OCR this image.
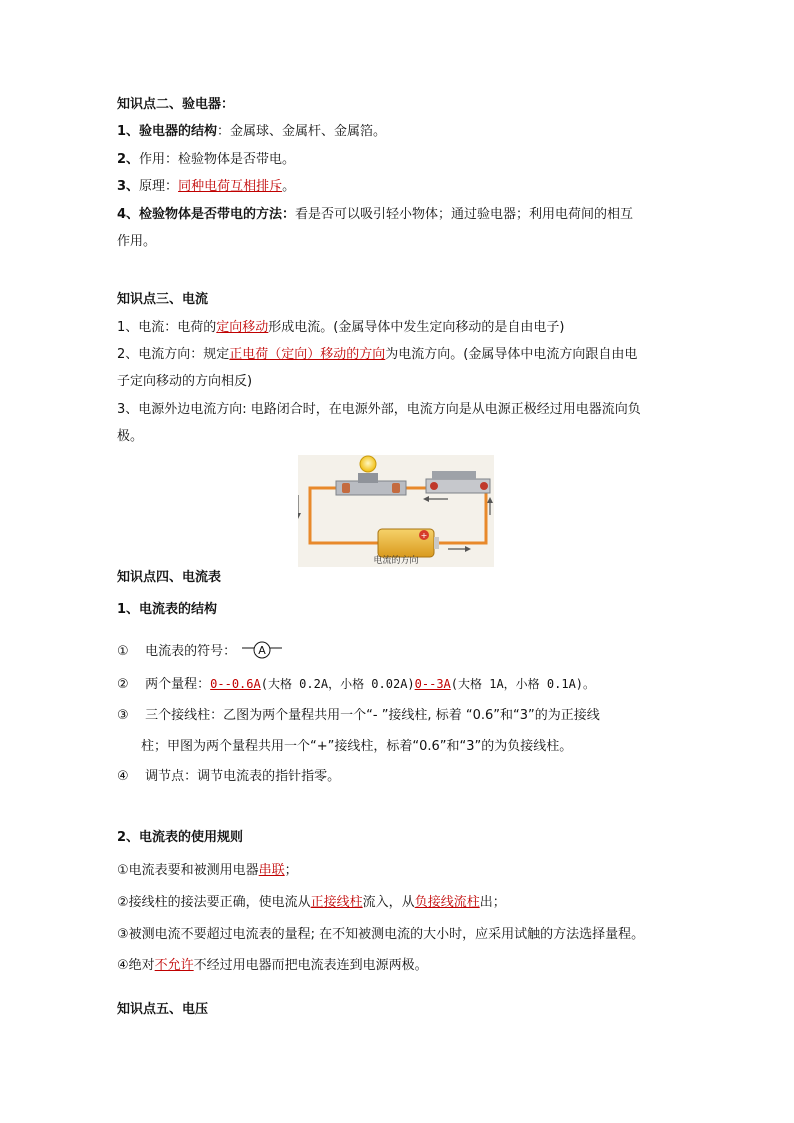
知识点二、验电器：
1、验电器的结构：金属球、金属杆、金属箔。
2、作用：检验物体是否带电。
3、原理：同种电荷互相排斥。
4、检验物体是否带电的方法：看是否可以吸引轻小物体；通过验电器；利用电荷间的相互
作用。
知识点三、电流
1、电流：电荷的定向移动形成电流。(金属导体中发生定向移动的是自由电子)
2、电流方向：规定正电荷（定向）移动的方向为电流方向。(金属导体中电流方向跟自由电
子定向移动的方向相反)
3、电源外边电流方向: 电路闭合时，在电源外部，电流方向是从电源正极经过用电器流向负
极。
+
电流的方向
知识点四、电流表
1、电流表的结构
① 电流表的符号： A
② 两个量程：0--0.6A(大格 0.2A，小格 0.02A)0--3A(大格 1A，小格 0.1A)。
③ 三个接线柱：乙图为两个量程共用一个“- ”接线柱, 标着 “0.6”和“3”的为正接线
柱；甲图为两个量程共用一个“+”接线柱，标着“0.6”和“3”的为负接线柱。
④ 调节点：调节电流表的指针指零。
2、电流表的使用规则
①电流表要和被测用电器串联；
②接线柱的接法要正确，使电流从正接线柱流入，从负接线流柱出；
③被测电流不要超过电流表的量程; 在不知被测电流的大小时，应采用试触的方法选择量程。
④绝对不允许不经过用电器而把电流表连到电源两极。
知识点五、电压
